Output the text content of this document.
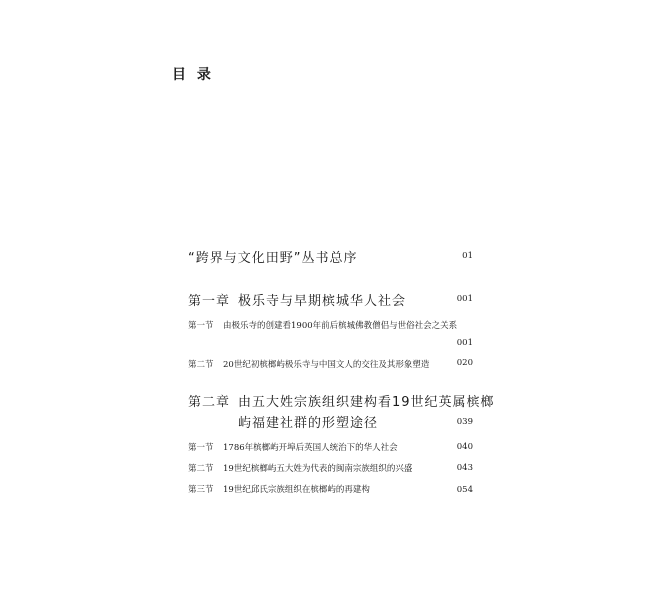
目 录
“跨界与文化田野”丛书总序	01
第一章 极乐寺与早期槟城华人社会	001
第一节 由极乐寺的创建看1900年前后槟城佛教僧侣与世俗社会之关系
001
第二节 20世纪初槟榔屿极乐寺与中国文人的交往及其形象塑造	020
第二章 由五大姓宗族组织建构看19世纪英属槟榔
屿福建社群的形塑途径	039
第一节 1786年槟榔屿开埠后英国人统治下的华人社会	040
第二节 19世纪槟榔屿五大姓为代表的闽南宗族组织的兴盛	043
第三节 19世纪邱氏宗族组织在槟榔屿的再建构	054
